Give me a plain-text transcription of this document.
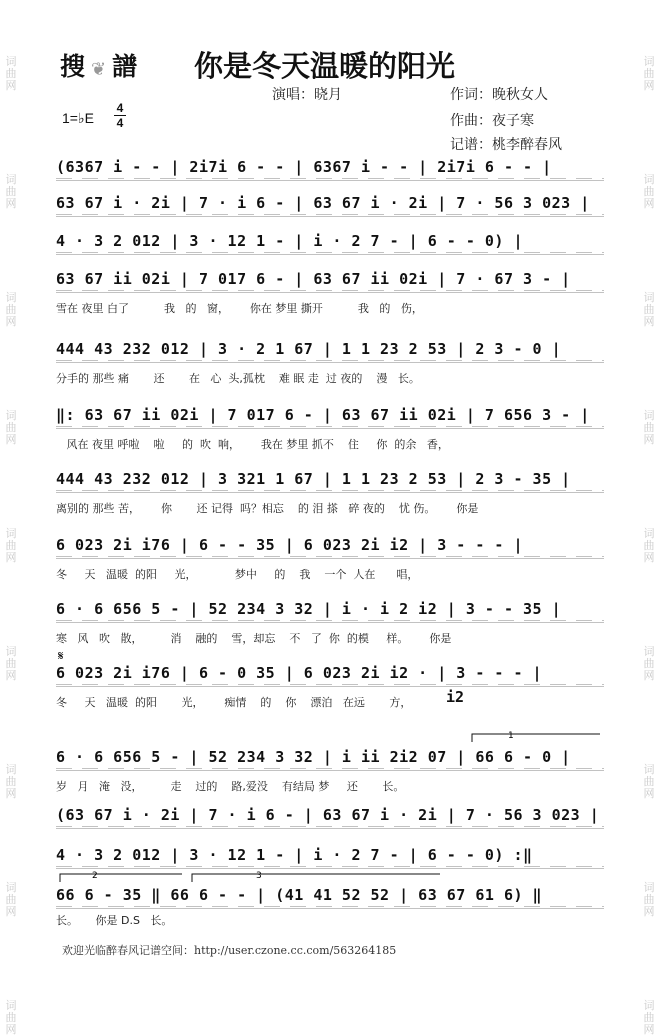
词
曲
网
词
曲
网
词
曲
网
词
曲
网
词
曲
网
词
曲
网
词
曲
网
词
曲
网
词
曲
网
词
曲
网
词
曲
网
词
曲
网
词
曲
网
词
曲
网
词
曲
网
词
曲
网
词
曲
网
词
曲
网
搜 ❦ 譜 你是冬天温暖的阳光
演唱：晓月	作词：晚秋女人
作曲：夜子寒
记谱：桃李醉春风
1=♭E
4
4
(6367 i - - | 2i7i 6 - - | 6367 i - - | 2i7i 6 - - |
63 67 i · 2i | 7 · i 6 - | 63 67 i · 2i | 7 · 56 3 023 |
4 · 3 2 012 | 3 · 12 1 - | i · 2 7 - | 6 - - 0) |
63 67 ii 02i | 7 017 6 - | 63 67 ii 02i | 7 · 67 3 - |
雪在 夜里 白了          我   的   窗，      你在 梦里 撕开          我   的   伤，
444 43 232 012 | 3 · 2 1 67 | 1 1 23 2 53 | 2 3 - 0 |
分手的 那些 痛       还       在   心  头,孤枕    难 眠 走  过 夜的    漫   长。
‖: 63 67 ii 02i | 7 017 6 - | 63 67 ii 02i | 7 656 3 - |
风在 夜里 呼啦    啦     的  吹  响，      我在 梦里 抓不    住     你  的余   香，
444 43 232 012 | 3 321 1 67 | 1 1 23 2 53 | 2 3 - 35 |
离别的 那些 苦，      你       还 记得  吗？相忘    的 泪 搽   碎 夜的    忧 伤。      你是
6 023 2i i76 | 6 - - 35 | 6 023 2i i2 | 3 - - - |
冬     天   温暖  的阳     光，           梦中     的    我    一个  人在      唱，
6 · 6 656 5 - | 52 234 3 32 | i · i 2 i2 | 3 - - 35 |
寒   风   吹   散，        消    融的    雪，却忘    不   了  你  的模     样。      你是
6 023 2i i76 | 6 - 0 35 | 6 023 2i i2 · | 3 - - - |
冬     天   温暖  的阳       光，      痴情    的    你    漂泊   在远       方，
6 · 6 656 5 - | 52 234 3 32 | i ii 2i2 07 | 66 6 - 0 |
岁   月   淹   没，        走    过的    路,爱没    有结局 梦     还       长。
(63 67 i · 2i | 7 · i 6 - | 63 67 i · 2i | 7 · 56 3 023 |
4 · 3 2 012 | 3 · 12 1 - | i · 2 7 - | 6 - - 0) :‖
66 6 - 35 ‖ 66 6 - - | (41 41 52 52 | 63 67 61 6) ‖
长。     你是 D.S   长。
i2
1
2	3
𝄋
欢迎光临醉春风记谱空间：http://user.czone.cc.com/563264185
